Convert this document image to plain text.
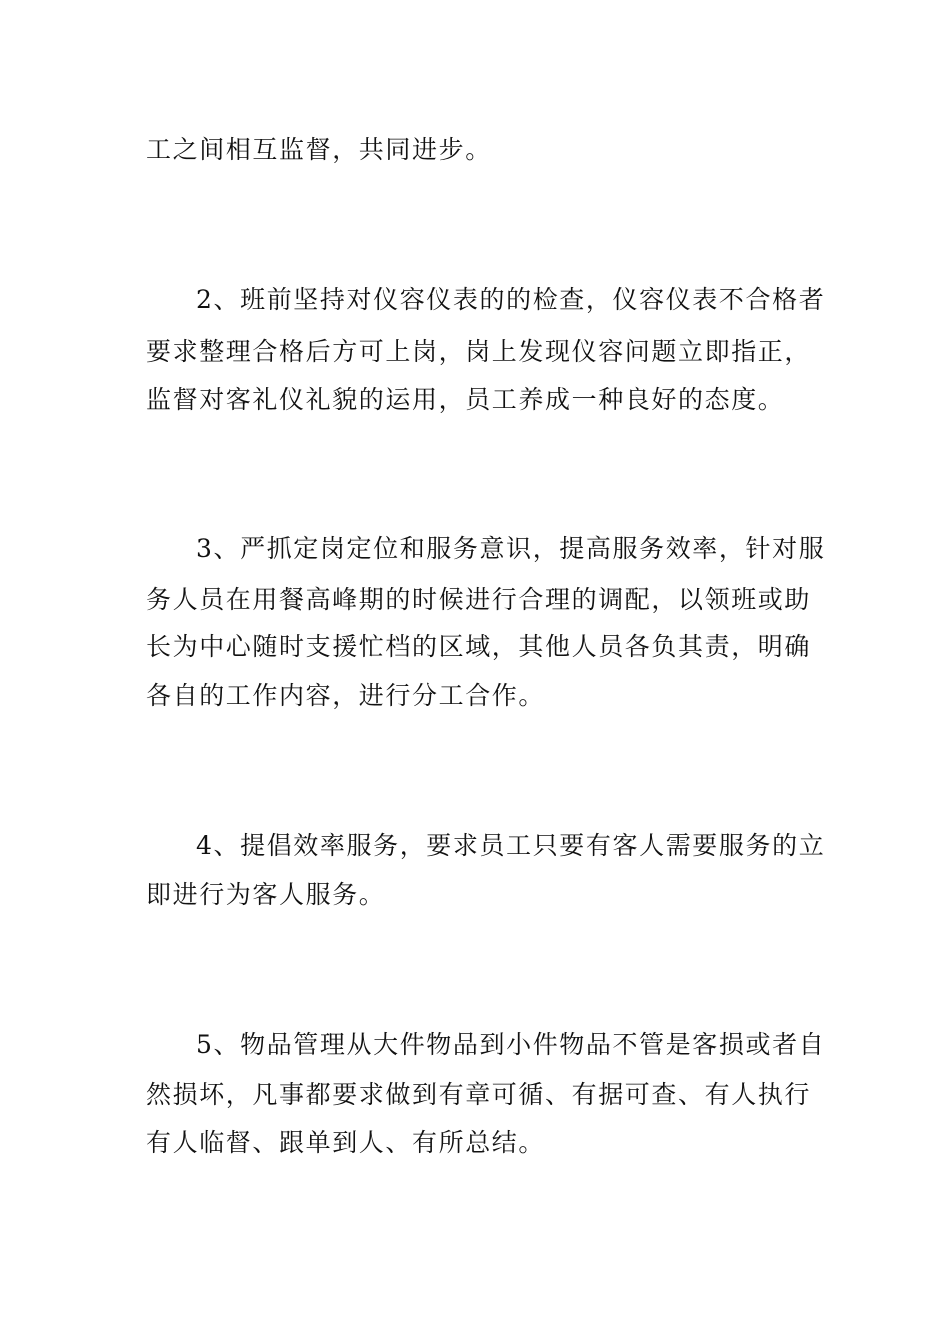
工之间相互监督，共同进步。

2、班前坚持对仪容仪表的的检查，仪容仪表不合格者

要求整理合格后方可上岗，岗上发现仪容问题立即指正，

监督对客礼仪礼貌的运用，员工养成一种良好的态度。

3、严抓定岗定位和服务意识，提高服务效率，针对服

务人员在用餐高峰期的时候进行合理的调配，以领班或助

长为中心随时支援忙档的区域，其他人员各负其责，明确

各自的工作内容，进行分工合作。

4、提倡效率服务，要求员工只要有客人需要服务的立

即进行为客人服务。

5、物品管理从大件物品到小件物品不管是客损或者自

然损坏，凡事都要求做到有章可循、有据可查、有人执行

有人临督、跟单到人、有所总结。
